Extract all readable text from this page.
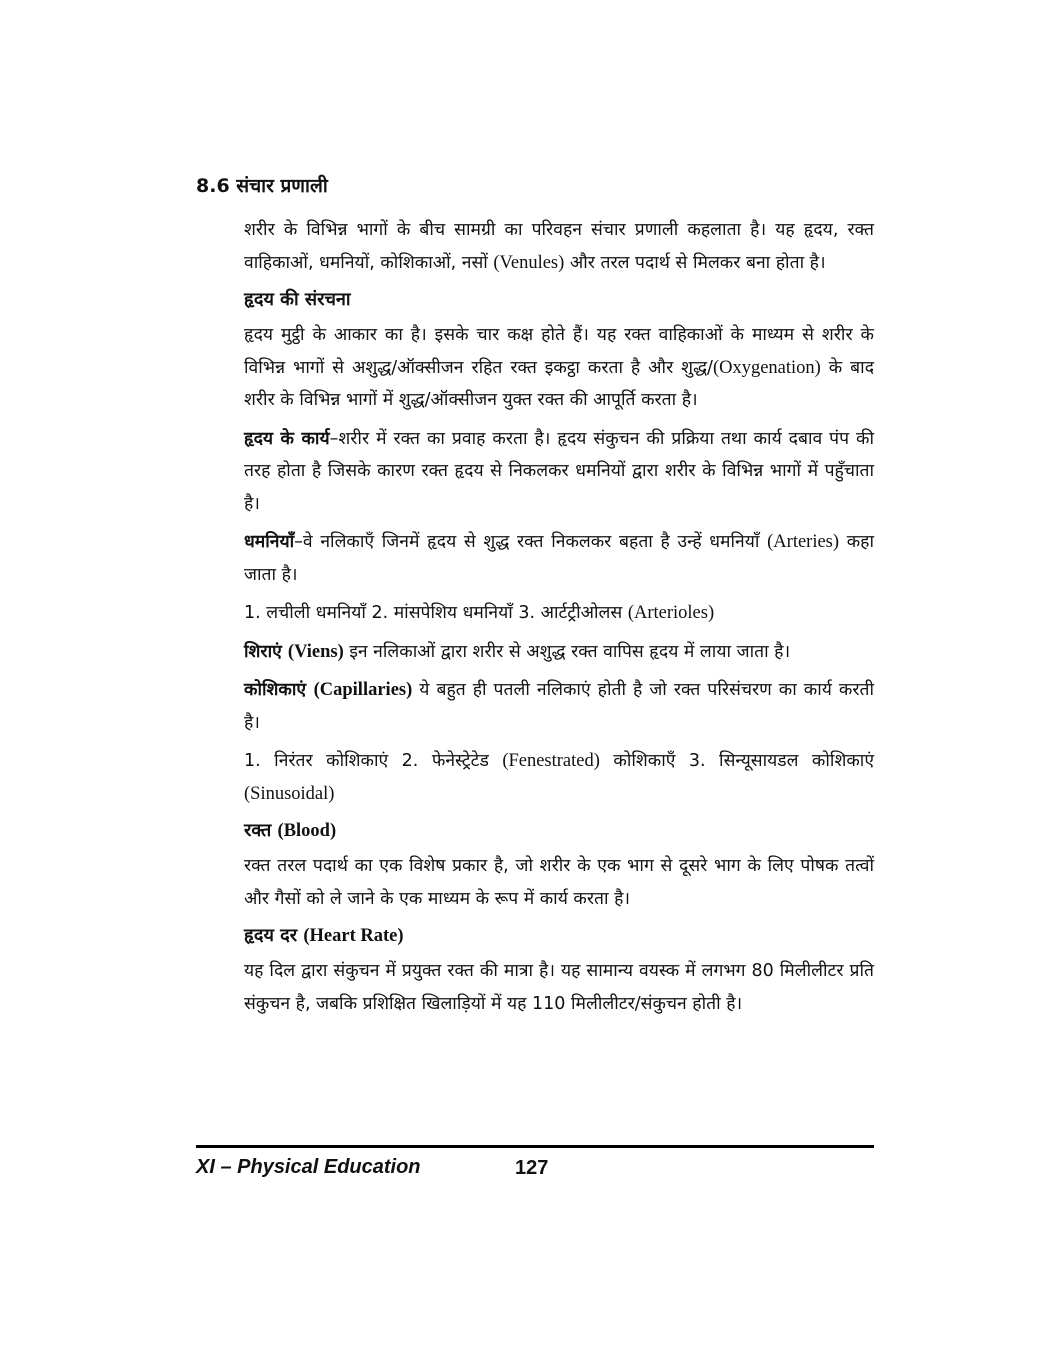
8.6 संचार प्रणाली

शरीर के विभिन्न भागों के बीच सामग्री का परिवहन संचार प्रणाली कहलाता है। यह हृदय, रक्त वाहिकाओं, धमनियों, कोशिकाओं, नसों (Venules) और तरल पदार्थ से मिलकर बना होता है।

हृदय की संरचना

हृदय मुट्ठी के आकार का है। इसके चार कक्ष होते हैं। यह रक्त वाहिकाओं के माध्यम से शरीर के विभिन्न भागों से अशुद्ध/ऑक्सीजन रहित रक्त इकट्ठा करता है और शुद्ध/(Oxygenation) के बाद शरीर के विभिन्न भागों में शुद्ध/ऑक्सीजन युक्त रक्त की आपूर्ति करता है।

हृदय के कार्य–शरीर में रक्त का प्रवाह करता है। हृदय संकुचन की प्रक्रिया तथा कार्य दबाव पंप की तरह होता है जिसके कारण रक्त हृदय से निकलकर धमनियों द्वारा शरीर के विभिन्न भागों में पहुँचाता है।

धमनियाँ–वे नलिकाएँ जिनमें हृदय से शुद्ध रक्त निकलकर बहता है उन्हें धमनियाँ (Arteries) कहा जाता है।

1. लचीली धमनियाँ 2. मांसपेशिय धमनियाँ 3. आर्टट्रीओलस (Arterioles)

शिराएं (Viens) इन नलिकाओं द्वारा शरीर से अशुद्ध रक्त वापिस हृदय में लाया जाता है।

कोशिकाएं (Capillaries) ये बहुत ही पतली नलिकाएं होती है जो रक्त परिसंचरण का कार्य करती है।

1. निरंतर कोशिकाएं 2. फेनेस्ट्रेटेड (Fenestrated) कोशिकाएँ 3. सिन्यूसायडल कोशिकाएं (Sinusoidal)

रक्त (Blood)

रक्त तरल पदार्थ का एक विशेष प्रकार है, जो शरीर के एक भाग से दूसरे भाग के लिए पोषक तत्वों और गैसों को ले जाने के एक माध्यम के रूप में कार्य करता है।

हृदय दर (Heart Rate)

यह दिल द्वारा संकुचन में प्रयुक्त रक्त की मात्रा है। यह सामान्य वयस्क में लगभग 80 मिलीलीटर प्रति संकुचन है, जबकि प्रशिक्षित खिलाड़ियों में यह 110 मिलीलीटर/संकुचन होती है।

XI – Physical Education	127
